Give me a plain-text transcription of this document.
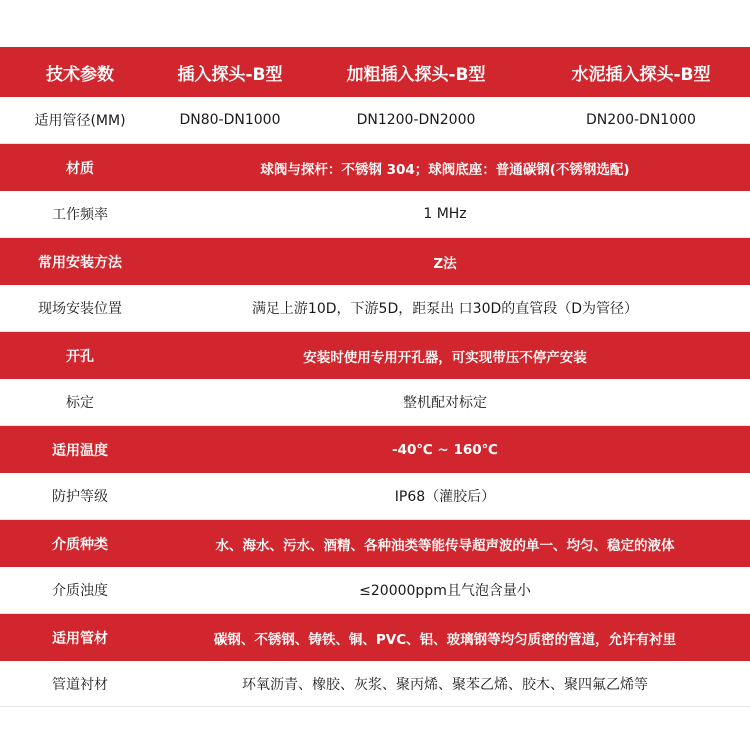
技术参数	插入探头-B型	加粗插入探头-B型	水泥插入探头-B型
适用管径(MM)	DN80-DN1000	DN1200-DN2000	DN200-DN1000
材质	球阀与探杆：不锈钢 304；球阀底座：普通碳钢(不锈钢选配)
工作频率	1 MHz
常用安装方法	Z法
现场安装位置	满足上游10D，下游5D，距泵出 口30D的直管段（D为管径）
开孔	安装时使用专用开孔器，可实现带压不停产安装
标定	整机配对标定
适用温度	-40℃ ~ 160℃
防护等级	IP68（灌胶后）
介质种类	水、海水、污水、酒精、各种油类等能传导超声波的单一、均匀、稳定的液体
介质浊度	≤20000ppm且气泡含量小
适用管材	碳钢、不锈钢、铸铁、铜、PVC、铝、玻璃钢等均匀质密的管道，允许有衬里
管道衬材	环氧沥青、橡胶、灰浆、聚丙烯、聚苯乙烯、胶木、聚四氟乙烯等
